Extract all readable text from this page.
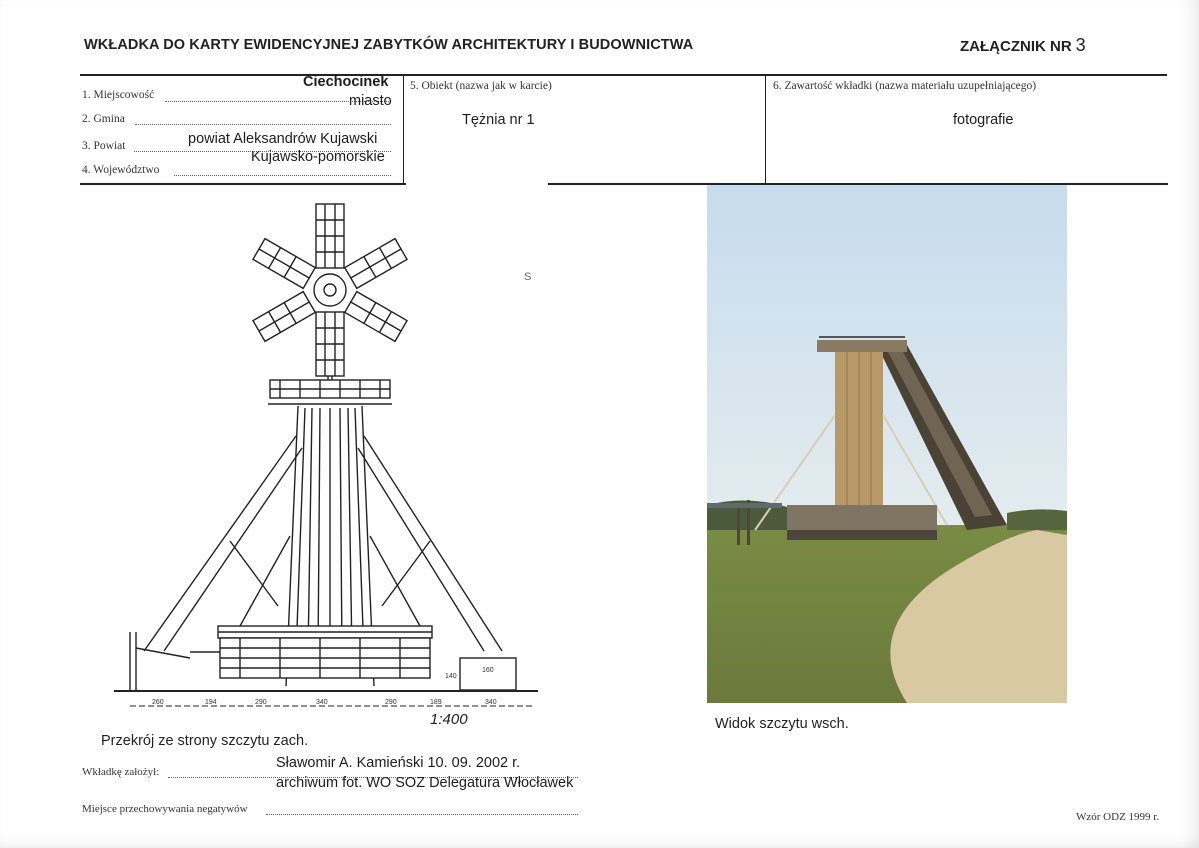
WKŁADKA DO KARTY EWIDENCYJNEJ ZABYTKÓW ARCHITEKTURY I BUDOWNICTWA	ZAŁĄCZNIK NR 3
1. Miejscowość
Ciechocinek
2. Gmina
miasto
3. Powiat	powiat Aleksandrów Kujawski
4. Województwo
Kujawsko-pomorskie
5. Obiekt (nazwa jak w karcie)
Tężnia nr 1
6. Zawartość wkładki (nazwa materiału uzupełniającego)
fotografie
260	194	290	340	290	189	340
140
160
1:400
S
Przekrój ze strony szczytu zach.
Widok szczytu wsch.
Wkładkę założył:
Sławomir A. Kamieński 10. 09. 2002 r.
archiwum fot. WO SOZ Delegatura Włocławek
Miejsce przechowywania negatywów
Wzór ODZ 1999 r.
